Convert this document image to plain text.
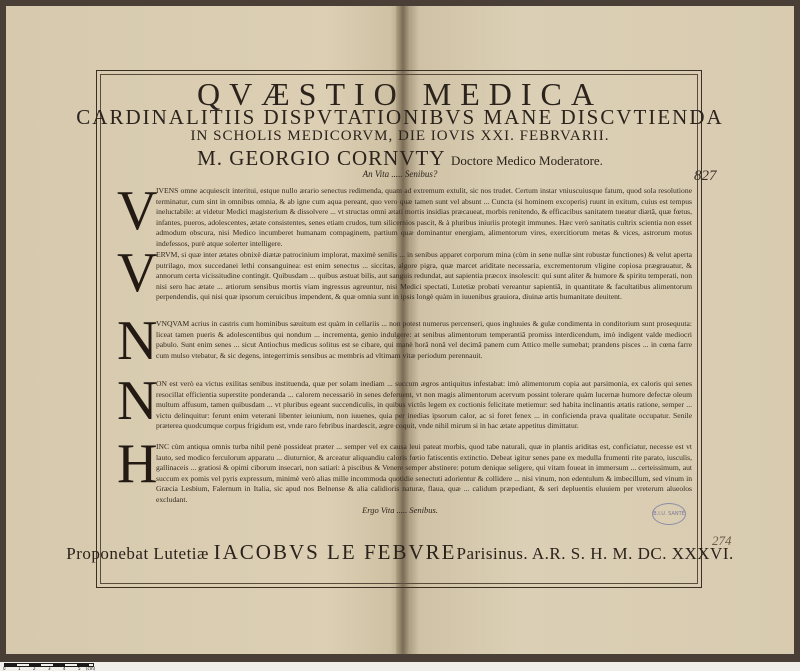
QVÆSTIO MEDICA
CARDINALITIIS DISPVTATIONIBVS MANE DISCVTIENDA
IN SCHOLIS MEDICORVM, DIE IOVIS XXI. FEBRVARII.
M. GEORGIO CORNVTY Doctore Medico Moderatore.
An Vita ..... Senibus?	827
V
IVENS omne acquiescit interitui, estque nullo ærario senectus redimenda, quam ad extremum extulit, sic nos trudet. Certum instar vniuscuiusque fatum, quod sola resolutione terminatur, cum sint in omnibus omnia, & ab igne cum aqua pereant, quo vero quæ tamen sunt vel absunt ... Cuncta (si hominem excoperis) ruunt in exitum, cuius est tempus ineluctabile: at videtur Medici magisterium & dissolvere ... vt structas omni ætati mortis insidias præcaueat, morbis renitendo, & efficacibus sanitatem tueatur diætâ, quæ fœtus, infantes, pueros, adolescentes, ætate consistentes, senes etiam crudos, tum silicernios pascit, & à pluribus iniuriis protegit immunes. Hæc verò sanitatis cultrix scientia non esset admodum obscura, nisi Medico incumberet humanam compaginem, partium quæ dominantur energiam, alimentorum vires, exercitiorum metas & vices, astrorum motus indefessos, purè atque solerter intelligere.
V
ERVM, si quæ inter ætates obnixè diætæ patrocinium implorat, maximè senilis ... in senibus apparet corporum mina (cùm in sene nullæ sint robustæ functiones) & velut aperta putrilago, mox succedanei lethi consanguinea: est enim senectus ... siccitas, algore pigra, quæ marcet ariditate necessaria, excrementorum vligine copiosa prægrauatur, & annorum certa vicissitudine contingit. Quibusdam ... quibus æstuat bilis, aut sanguis redundat, aut sapientia præcox insolescit: qui sunt aliter & humore & spiritu temperati, non nisi sero hac ætate ... ætiorum sensibus mortis viam ingressus agreuntur, nisi Medici spectati, Lutetiæ probati vereantur sapientiâ, in quantitate & facultatibus alimentorum perpendendis, qui nisi quæ ipsorum ceruicibus impendent, & quæ omnia sunt in ipsis longè quàm in iuuenibus grauiora, diuinæ artis humanitate deuitent.
N
VNQVAM acrius in castris cum hominibus sæuitum est quàm in cellariis ... non potest numerus percenseri, quos ingluuies & gulæ condimenta in conditorium sunt prosequuta: liceat tamen pueris & adolescentibus qui nondum ... incrementa, genio indulgere: at senibus alimentorum temperantiâ promiss interdicendum, imò indigent valde mediocri pabulo. Sunt enim senes ... sicut Antiochus medicus solitus est se cibare, qui manè horâ nonâ vel decimâ panem cum Attico melle sumebat; prandens pisces ... in cœna farre cum mulso vtebatur, & sic degens, integerrimis sensibus ac membris ad vltimam vitæ periodum perennauit.
N
ON est verò ea victus exilitas senibus instituenda, quæ per solam inediam ... succum ægros antiquitus infestabat: imò alimentorum copia aut parsimonia, ex caloris qui senes resocillat efficientia superstite ponderanda ... calorem necessariò in senes deferuent, vt non magis alimentorum acervum possint tolerare quàm lucernæ humore defectæ oleum multum affusum, tamen quibusdam ... vt pluribus egeant succendiculis, in quibus victûs legem ex coctionis felicitate metiemur: sed habita inclinantis ætatis ratione, semper ... victu delinquitur: ferunt enim veterani libenter ieiunium, non iuuenes, quia per inedias ipsorum calor, ac si foret fenex ... in conficienda prava qualitate occupatur. Senile præterea quodcumque corpus frigidum est, vnde raro febribus inardescit, ægre coquit, vnde nihil mirum si in hac ætate appetitus dimittatur.
H
INC cùm antiqua omnis turba nihil penè possideat præter ... semper vel ex causa leui pateat morbis, quod tabe naturali, quæ in plantis ariditas est, conficiatur, necesse est vt lauto, sed modico ferculorum apparatu ... diuturnior, & arceatur aliquandiu caloris fœtio fatiscentis extinctio. Debeat igitur senes pane ex medulla frumenti rite parato, iusculis, gallinaceis ... gratiosi & opimi ciborum insecari, non satiari: à piscibus & Venere semper abstinere: potum denique seligere, qui vitam foueat in immersum ... certeissimum, aut succum ex pomis vel pyris expressum, minimè verò alias mille incommoda quotidie senectuti adorientur & collidere ... nisi vinum, non edentulum & imbecillum, sed vinum in Græcia Lesbium, Falernum in Italia, sic apud nos Belnense & alia calidioris naturæ, flaua, quæ ... calidum præpediant, & seri depluentis eluuiem per vreterum alueolos excludant.
Ergo Vita ..... Senibus.	B.I.U. SANTÉ
274
Proponebat Lutetiæ IACOBVS LE FEBVREParisinus. A.R. S. H. M. DC. XXXVI.
0	1	2	3	4	5 (cm)
